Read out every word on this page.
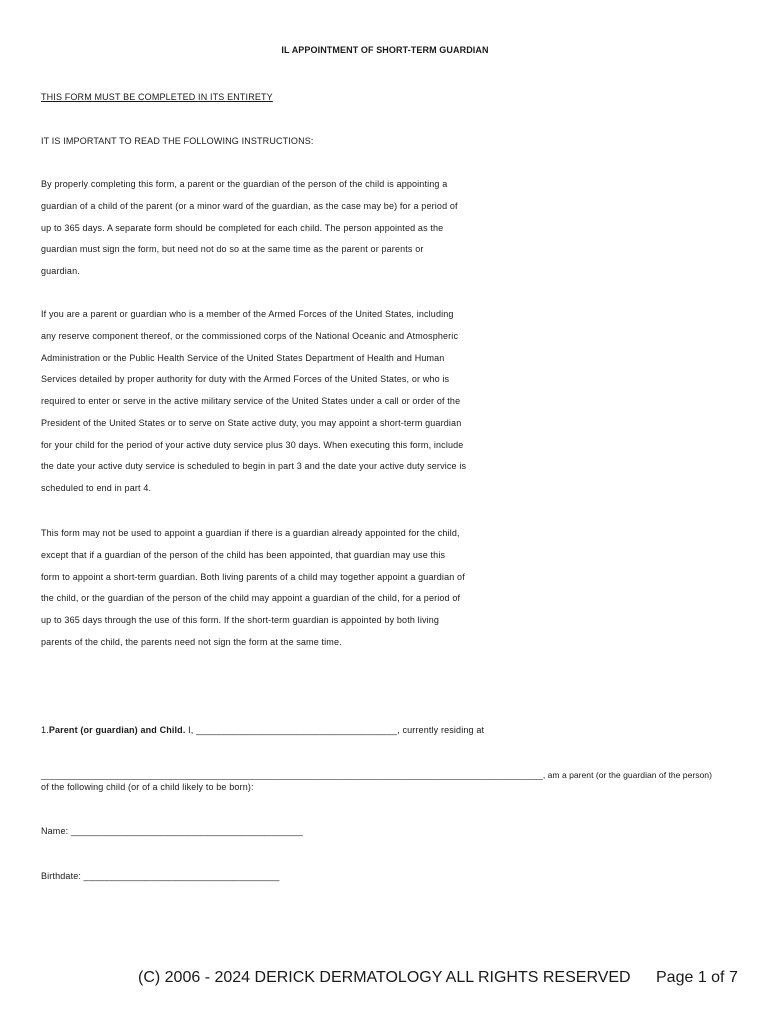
IL APPOINTMENT OF SHORT-TERM GUARDIAN
THIS FORM MUST BE COMPLETED IN ITS ENTIRETY
IT IS IMPORTANT TO READ THE FOLLOWING INSTRUCTIONS:
By properly completing this form, a parent or the guardian of the person of the child is appointing a
guardian of a child of the parent (or a minor ward of the guardian, as the case may be) for a period of
up to 365 days. A separate form should be completed for each child. The person appointed as the
guardian must sign the form, but need not do so at the same time as the parent or parents or
guardian.
If you are a parent or guardian who is a member of the Armed Forces of the United States, including
any reserve component thereof, or the commissioned corps of the National Oceanic and Atmospheric
Administration or the Public Health Service of the United States Department of Health and Human
Services detailed by proper authority for duty with the Armed Forces of the United States, or who is
required to enter or serve in the active military service of the United States under a call or order of the
President of the United States or to serve on State active duty, you may appoint a short-term guardian
for your child for the period of your active duty service plus 30 days. When executing this form, include
the date your active duty service is scheduled to begin in part 3 and the date your active duty service is
scheduled to end in part 4.
This form may not be used to appoint a guardian if there is a guardian already appointed for the child,
except that if a guardian of the person of the child has been appointed, that guardian may use this
form to appoint a short-term guardian. Both living parents of a child may together appoint a guardian of
the child, or the guardian of the person of the child may appoint a guardian of the child, for a period of
up to 365 days through the use of this form. If the short-term guardian is appointed by both living
parents of the child, the parents need not sign the form at the same time.
1.Parent (or guardian) and Child. I, _______________________________________, currently residing at
_________________________________________________________________________________________________________, am a parent (or the guardian of the person)
of the following child (or of a child likely to be born):
Name: _____________________________________________
Birthdate: ______________________________________
(C) 2006 - 2024 DERICK DERMATOLOGY ALL RIGHTS RESERVED Page 1 of 7
